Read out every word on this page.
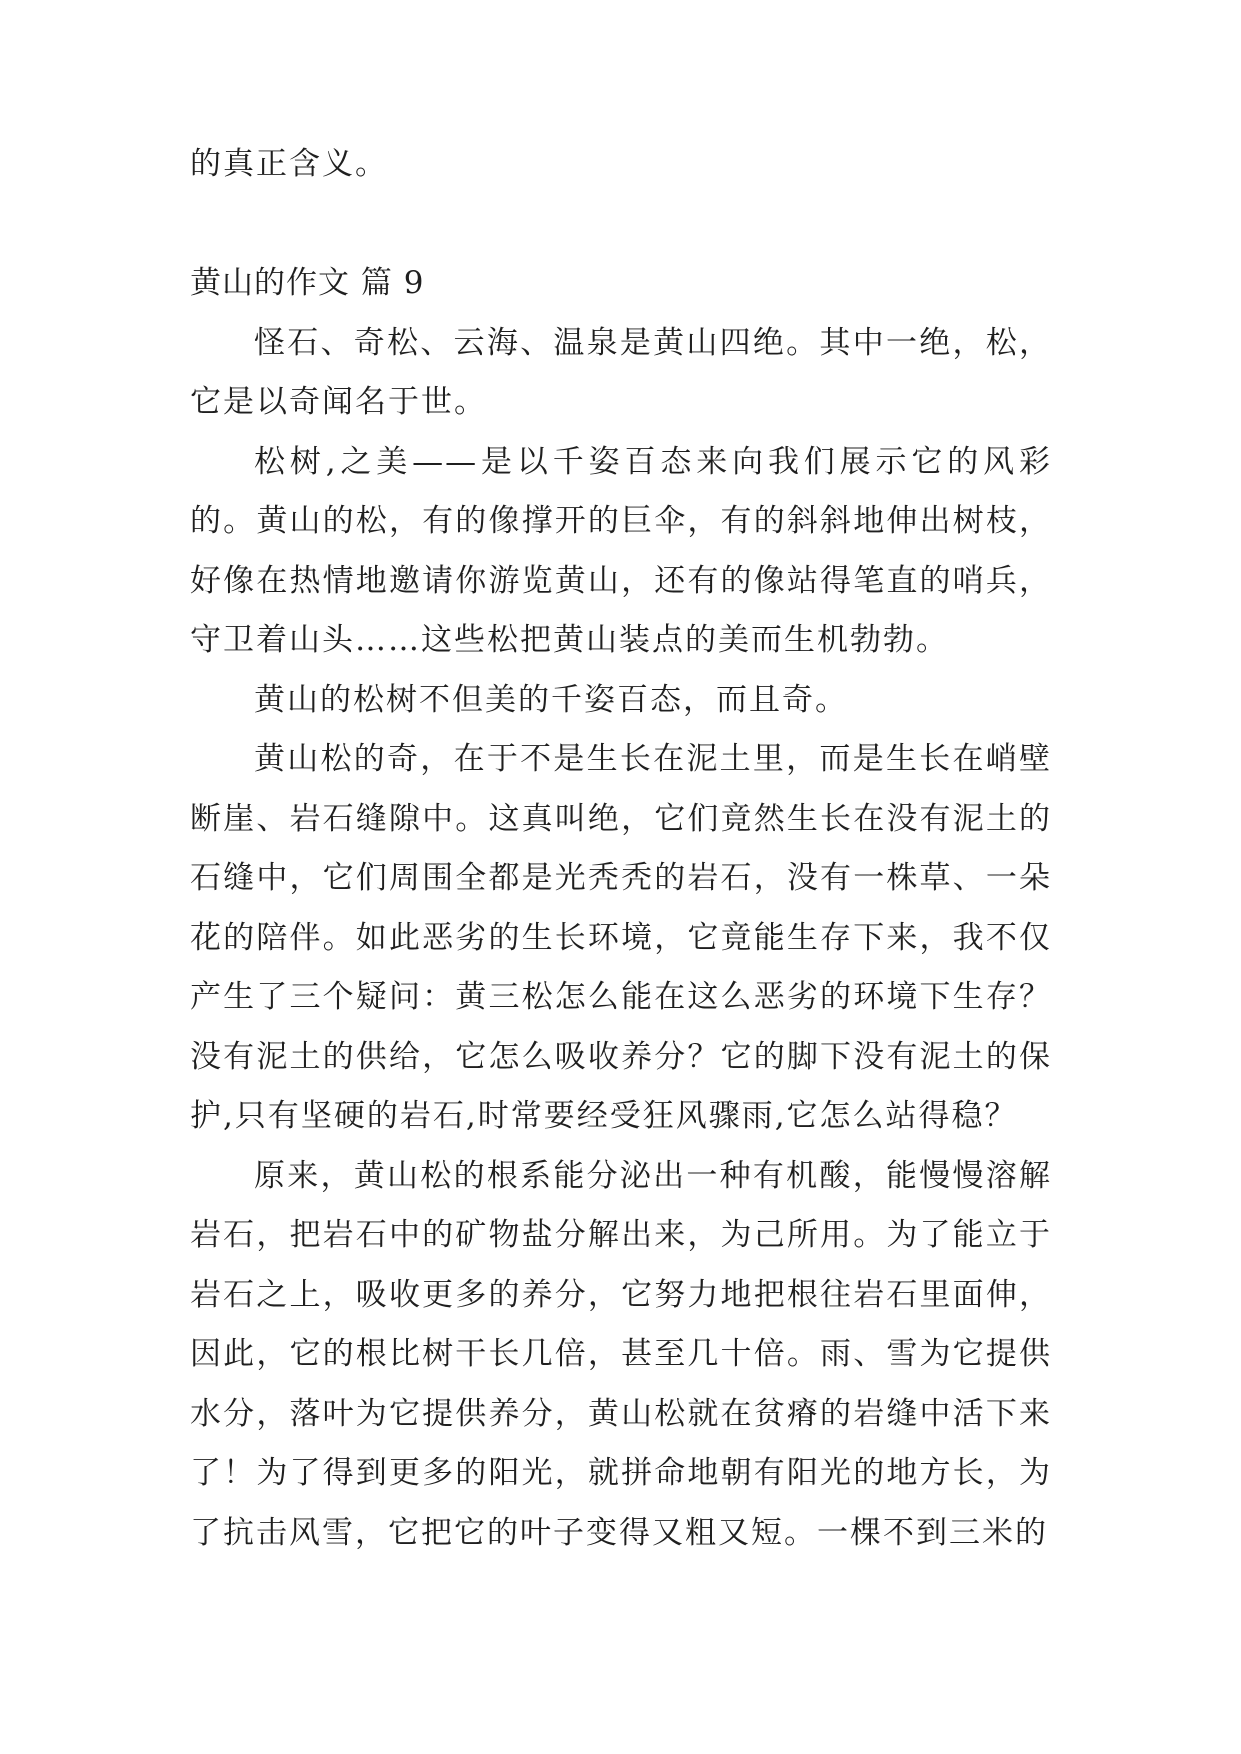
的真正含义。

黄山的作文 篇 9

怪石、奇松、云海、温泉是黄山四绝。其中一绝，松，它是以奇闻名于世。

松树,之美——是以千姿百态来向我们展示它的风彩的。黄山的松，有的像撑开的巨伞，有的斜斜地伸出树枝，好像在热情地邀请你游览黄山，还有的像站得笔直的哨兵，守卫着山头……这些松把黄山装点的美而生机勃勃。

黄山的松树不但美的千姿百态，而且奇。

黄山松的奇，在于不是生长在泥土里，而是生长在峭壁断崖、岩石缝隙中。这真叫绝，它们竟然生长在没有泥土的石缝中，它们周围全都是光秃秃的岩石，没有一株草、一朵花的陪伴。如此恶劣的生长环境，它竟能生存下来，我不仅产生了三个疑问：黄三松怎么能在这么恶劣的环境下生存？没有泥土的供给，它怎么吸收养分？它的脚下没有泥土的保护,只有坚硬的岩石,时常要经受狂风骤雨,它怎么站得稳？

原来，黄山松的根系能分泌出一种有机酸，能慢慢溶解岩石，把岩石中的矿物盐分解出来，为己所用。为了能立于岩石之上，吸收更多的养分，它努力地把根往岩石里面伸，因此，它的根比树干长几倍，甚至几十倍。雨、雪为它提供水分，落叶为它提供养分，黄山松就在贫瘠的岩缝中活下来了！为了得到更多的阳光，就拼命地朝有阳光的地方长，为了抗击风雪，它把它的叶子变得又粗又短。一棵不到三米的
